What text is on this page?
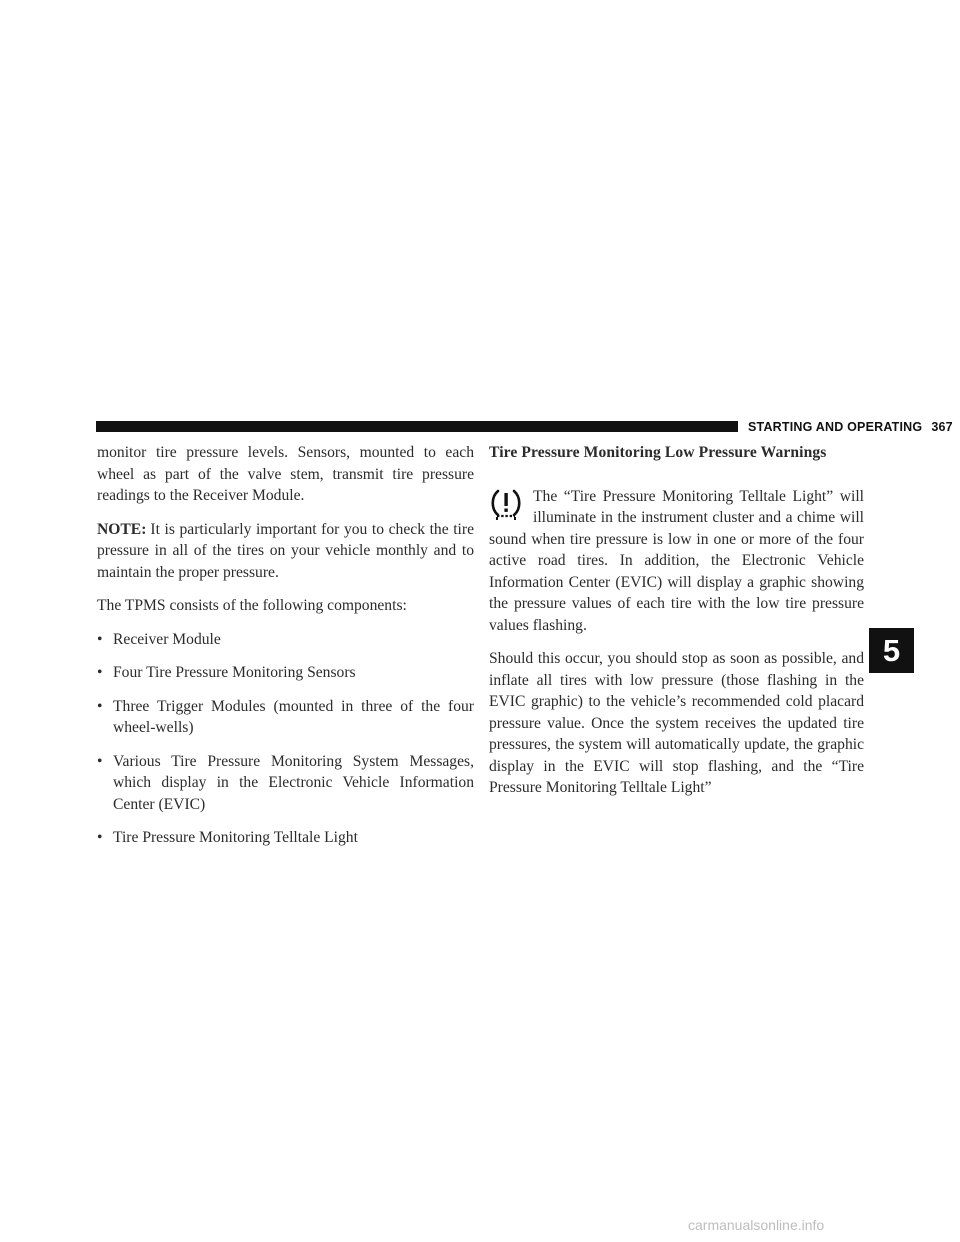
STARTING AND OPERATING 367

monitor tire pressure levels. Sensors, mounted to each wheel as part of the valve stem, transmit tire pressure readings to the Receiver Module.

NOTE: It is particularly important for you to check the tire pressure in all of the tires on your vehicle monthly and to maintain the proper pressure.

The TPMS consists of the following components:

• Receiver Module
• Four Tire Pressure Monitoring Sensors
• Three Trigger Modules (mounted in three of the four wheel-wells)
• Various Tire Pressure Monitoring System Messages, which display in the Electronic Vehicle Information Center (EVIC)
• Tire Pressure Monitoring Telltale Light
Tire Pressure Monitoring Low Pressure Warnings
The “Tire Pressure Monitoring Telltale Light” will illuminate in the instrument cluster and a chime will sound when tire pressure is low in one or more of the four active road tires. In addition, the Electronic Vehicle Information Center (EVIC) will display a graphic showing the pressure values of each tire with the low tire pressure values flashing.

Should this occur, you should stop as soon as possible, and inflate all tires with low pressure (those flashing in the EVIC graphic) to the vehicle’s recommended cold placard pressure value. Once the system receives the updated tire pressures, the system will automatically update, the graphic display in the EVIC will stop flashing, and the “Tire Pressure Monitoring Telltale Light”

5
carmanualsonline.info
